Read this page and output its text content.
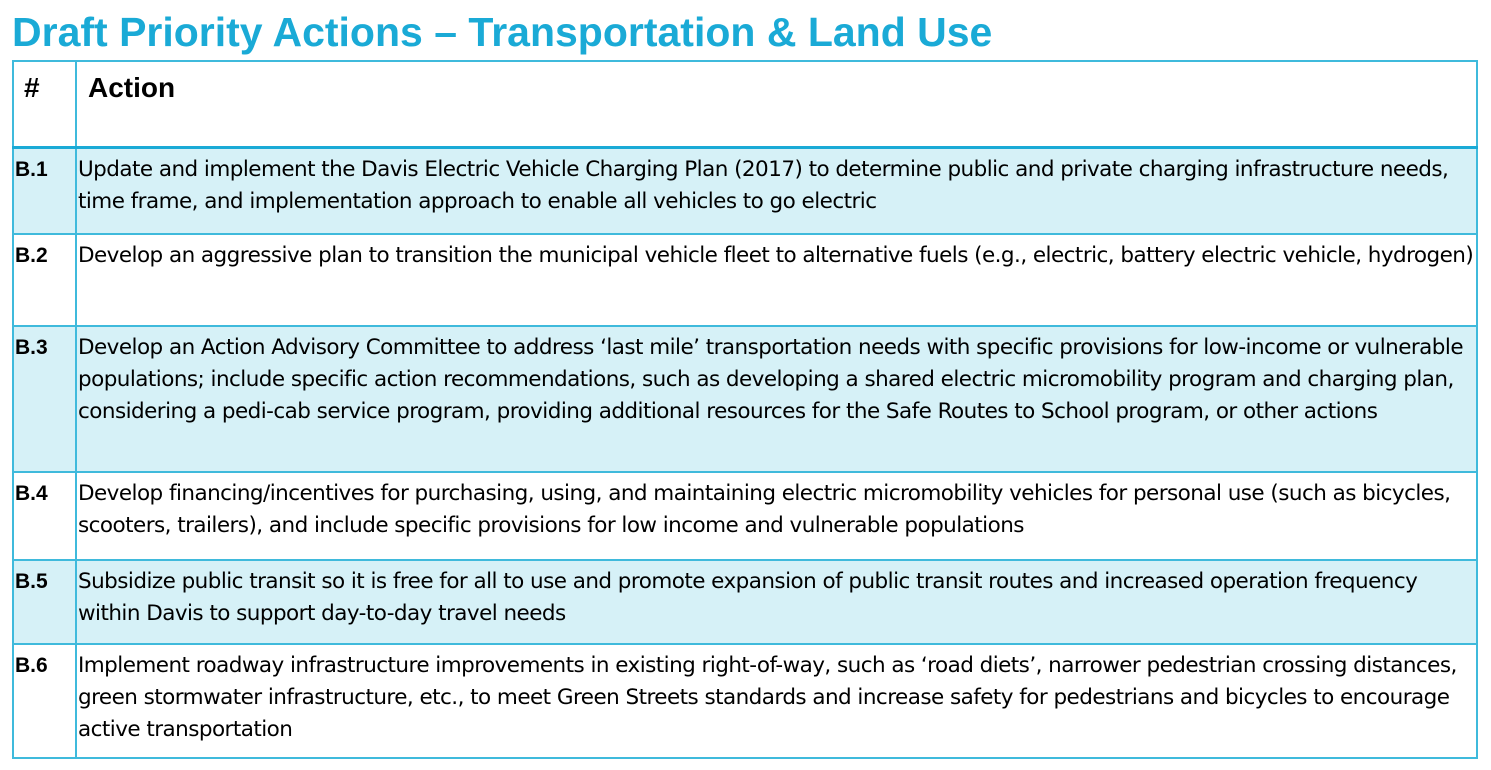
Draft Priority Actions – Transportation & Land Use
#	Action
B.1	Update and implement the Davis Electric Vehicle Charging Plan (2017) to determine public and private charging infrastructure needs, time frame, and implementation approach to enable all vehicles to go electric
B.2	Develop an aggressive plan to transition the municipal vehicle fleet to alternative fuels (e.g., electric, battery electric vehicle, hydrogen)
B.3	Develop an Action Advisory Committee to address ‘last mile’ transportation needs with specific provisions for low-income or vulnerable populations; include specific action recommendations, such as developing a shared electric micromobility program and charging plan, considering a pedi-cab service program, providing additional resources for the Safe Routes to School program, or other actions
B.4	Develop financing/incentives for purchasing, using, and maintaining electric micromobility vehicles for personal use (such as bicycles, scooters, trailers), and include specific provisions for low income and vulnerable populations
B.5	Subsidize public transit so it is free for all to use and promote expansion of public transit routes and increased operation frequency within Davis to support day-to-day travel needs
B.6	Implement roadway infrastructure improvements in existing right-of-way, such as ‘road diets’, narrower pedestrian crossing distances, green stormwater infrastructure, etc., to meet Green Streets standards and increase safety for pedestrians and bicycles to encourage active transportation
